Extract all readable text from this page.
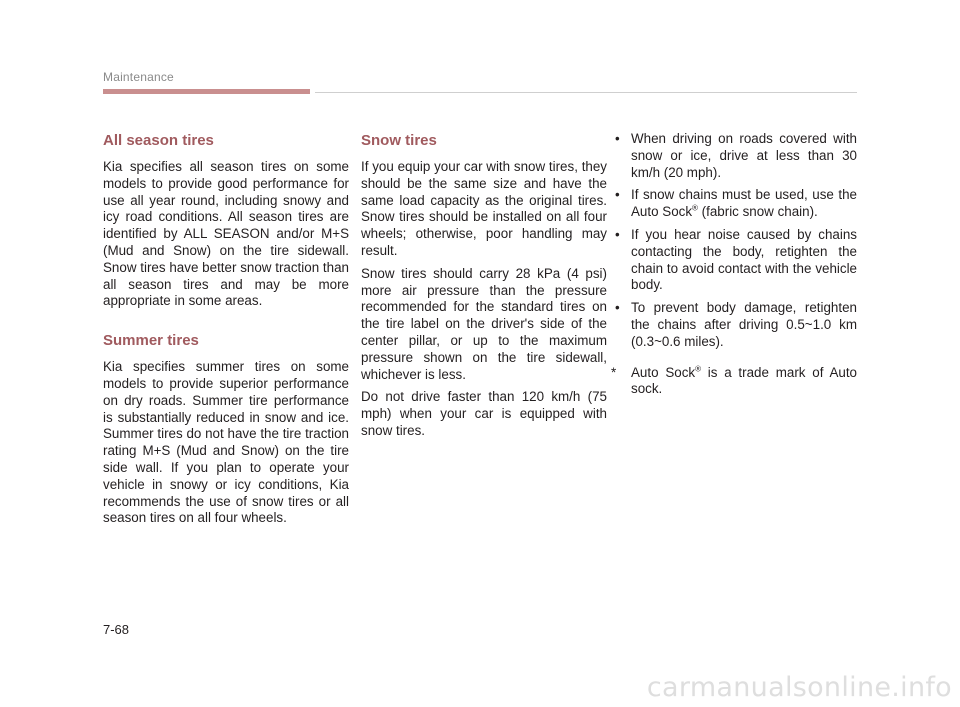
Maintenance
All season tires

Kia specifies all season tires on some models to provide good performance for use all year round, including snowy and icy road conditions. All season tires are identified by ALL SEASON and/or M+S (Mud and Snow) on the tire sidewall. Snow tires have better snow traction than all season tires and may be more appropriate in some areas.

Summer tires

Kia specifies summer tires on some models to provide superior performance on dry roads. Summer tire performance is substantially reduced in snow and ice. Summer tires do not have the tire traction rating M+S (Mud and Snow) on the tire side wall. If you plan to operate your vehicle in snowy or icy conditions, Kia recommends the use of snow tires or all season tires on all four wheels.

Snow tires

If you equip your car with snow tires, they should be the same size and have the same load capacity as the original tires. Snow tires should be installed on all four wheels; otherwise, poor handling may result.

Snow tires should carry 28 kPa (4 psi) more air pressure than the pressure recommended for the standard tires on the tire label on the driver's side of the center pillar, or up to the maximum pressure shown on the tire sidewall, whichever is less.

Do not drive faster than 120 km/h (75 mph) when your car is equipped with snow tires.

• When driving on roads covered with snow or ice, drive at less than 30 km/h (20 mph).
• If snow chains must be used, use the Auto Sock® (fabric snow chain).
• If you hear noise caused by chains contacting the body, retighten the chain to avoid contact with the vehicle body.
• To prevent body damage, retighten the chains after driving 0.5~1.0 km (0.3~0.6 miles).
* Auto Sock® is a trade mark of Auto sock.
7-68
carmanualsonline.info
